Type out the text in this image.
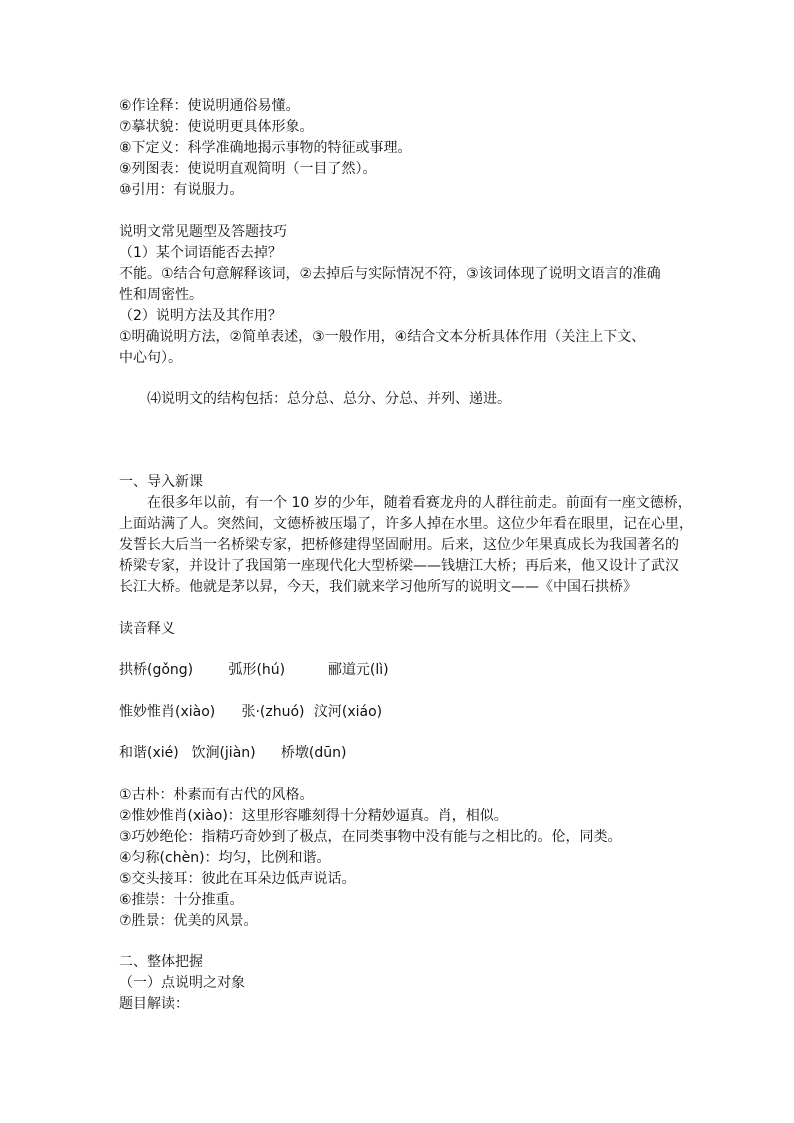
⑥作诠释：使说明通俗易懂。
⑦摹状貌：使说明更具体形象。
⑧下定义：科学准确地揭示事物的特征或事理。
⑨列图表：使说明直观简明（一目了然）。
⑩引用：有说服力。
说明文常见题型及答题技巧
（1）某个词语能否去掉？
不能。①结合句意解释该词，②去掉后与实际情况不符，③该词体现了说明文语言的准确
性和周密性。
（2）说明方法及其作用？
①明确说明方法，②简单表述，③一般作用，④结合文本分析具体作用（关注上下文、
中心句）。
⑷说明文的结构包括：总分总、总分、分总、并列、递进。
一、导入新课
在很多年以前，有一个 10 岁的少年，随着看赛龙舟的人群往前走。前面有一座文德桥，
上面站满了人。突然间，文德桥被压塌了，许多人掉在水里。这位少年看在眼里，记在心里，
发誓长大后当一名桥梁专家，把桥修建得坚固耐用。后来，这位少年果真成长为我国著名的
桥梁专家，并设计了我国第一座现代化大型桥梁——钱塘江大桥；再后来，他又设计了武汉
长江大桥。他就是茅以昇，今天，我们就来学习他所写的说明文——《中国石拱桥》
读音释义
拱桥(gǒng)	弧形(hú)	郦道元(lì)
惟妙惟肖(xiào) 张·(zhuó) 汶河(xiáo)
和谐(xié) 饮涧(jiàn) 桥墩(dūn)
①古朴：朴素而有古代的风格。
②惟妙惟肖(xiào)：这里形容雕刻得十分精妙逼真。肖，相似。
③巧妙绝伦：指精巧奇妙到了极点，在同类事物中没有能与之相比的。伦，同类。
④匀称(chèn)：均匀，比例和谐。
⑤交头接耳：彼此在耳朵边低声说话。
⑥推崇：十分推重。
⑦胜景：优美的风景。
二、整体把握
（一）点说明之对象
题目解读：
